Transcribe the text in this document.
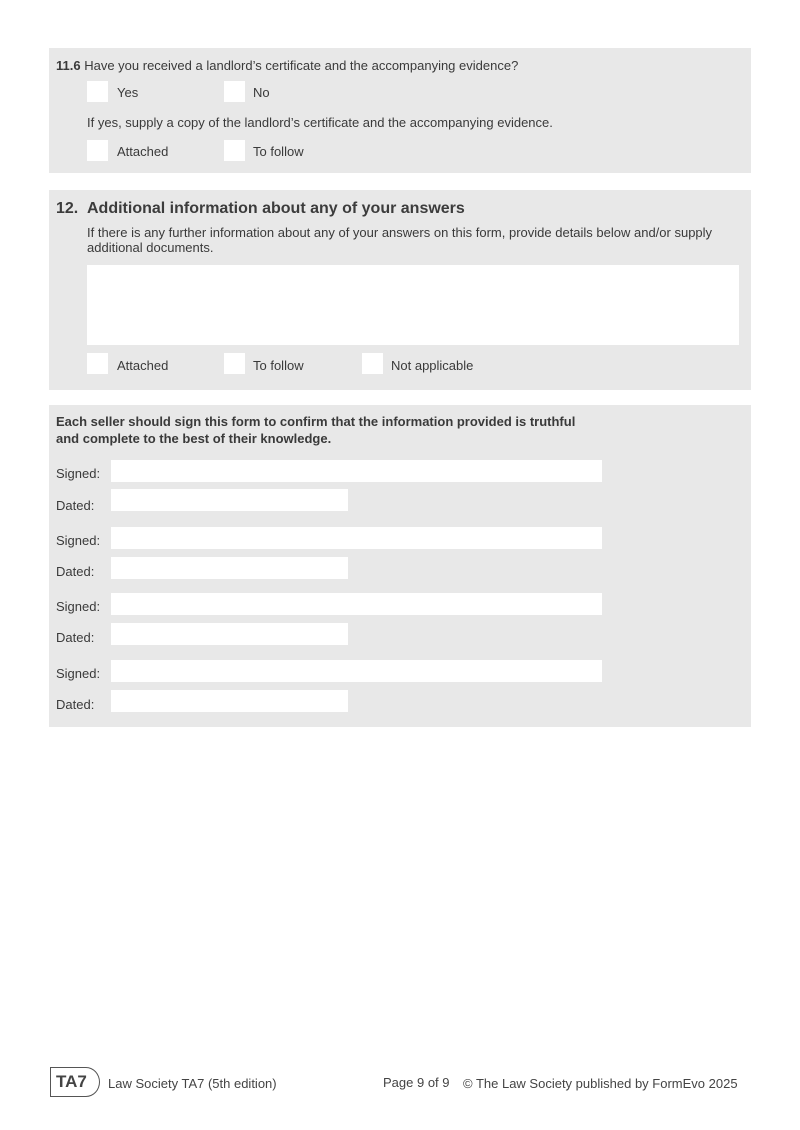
11.6 Have you received a landlord’s certificate and the accompanying evidence?
Yes	No
If yes, supply a copy of the landlord’s certificate and the accompanying evidence.
Attached	To follow
12. Additional information about any of your answers
If there is any further information about any of your answers on this form, provide details below and/or supply additional documents.
Attached	To follow	Not applicable
Each seller should sign this form to confirm that the information provided is truthful
and complete to the best of their knowledge.
Signed:
Dated:
Signed:
Dated:
Signed:
Dated:
Signed:
Dated:
TA7	Law Society TA7 (5th edition)	Page 9 of 9 © The Law Society published by FormEvo 2025
